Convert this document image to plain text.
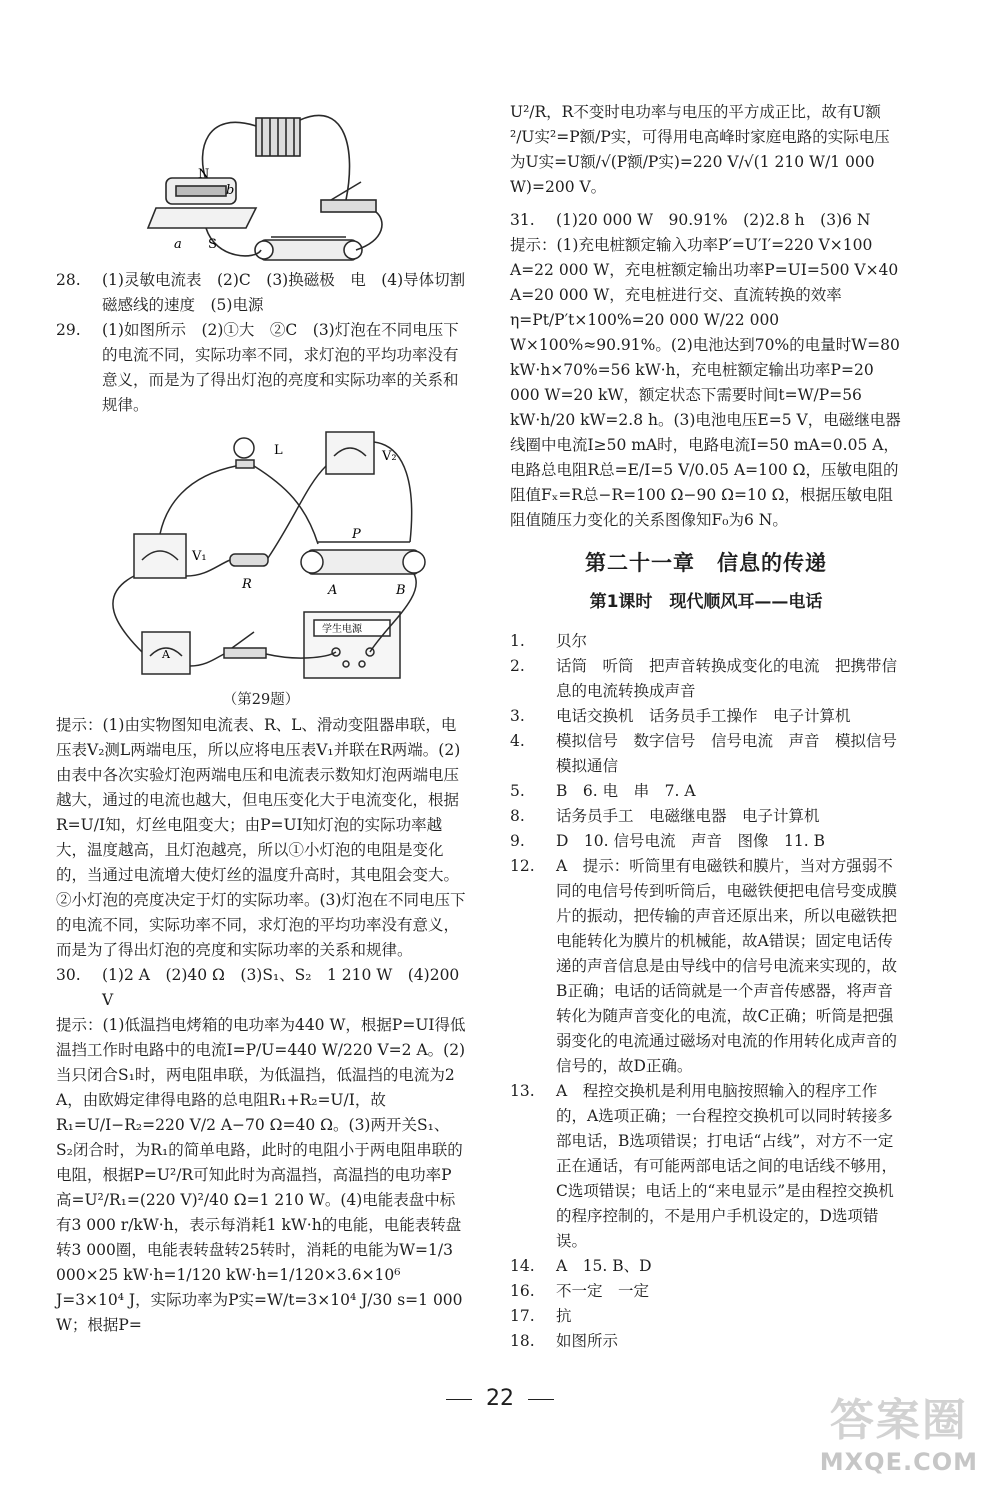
N
b
a S

28. (1)灵敏电流表　(2)C　(3)换磁极　电　(4)导体切割磁感线的速度　(5)电源

29. (1)如图所示　(2)①大　②C　(3)灯泡在不同电压下的电流不同，实际功率不同，求灯泡的平均功率没有意义，而是为了得出灯泡的亮度和实际功率的关系和规律。

L	V₂
V₁
R
P
A	B
A
学生电源
（第29题）

提示：(1)由实物图知电流表、R、L、滑动变阻器串联，电压表V₂测L两端电压，所以应将电压表V₁并联在R两端。(2)由表中各次实验灯泡两端电压和电流表示数知灯泡两端电压越大，通过的电流也越大，但电压变化大于电流变化，根据R=U/I知，灯丝电阻变大；由P=UI知灯泡的实际功率越大，温度越高，且灯泡越亮，所以①小灯泡的电阻是变化的，当通过电流增大使灯丝的温度升高时，其电阻会变大。②小灯泡的亮度决定于灯的实际功率。(3)灯泡在不同电压下的电流不同，实际功率不同，求灯泡的平均功率没有意义，而是为了得出灯泡的亮度和实际功率的关系和规律。

30. (1)2 A　(2)40 Ω　(3)S₁、S₂　1 210 W　(4)200 V

提示：(1)低温挡电烤箱的电功率为440 W，根据P=UI得低温挡工作时电路中的电流I=P/U=440 W/220 V=2 A。(2)当只闭合S₁时，两电阻串联，为低温挡，低温挡的电流为2 A，由欧姆定律得电路的总电阻R₁+R₂=U/I，故R₁=U/I−R₂=220 V/2 A−70 Ω=40 Ω。(3)两开关S₁、S₂闭合时，为R₁的简单电路，此时的电阻小于两电阻串联的电阻，根据P=U²/R可知此时为高温挡，高温挡的电功率P高=U²/R₁=(220 V)²/40 Ω=1 210 W。(4)电能表盘中标有3 000 r/kW·h，表示每消耗1 kW·h的电能，电能表转盘转3 000圈，电能表转盘转25转时，消耗的电能为W=1/3 000×25 kW·h=1/120 kW·h=1/120×3.6×10⁶ J=3×10⁴ J，实际功率为P实=W/t=3×10⁴ J/30 s=1 000 W；根据P=

U²/R，R不变时电功率与电压的平方成正比，故有U额²/U实²=P额/P实，可得用电高峰时家庭电路的实际电压为U实=U额/√(P额/P实)=220 V/√(1 210 W/1 000 W)=200 V。

31. (1)20 000 W　90.91%　(2)2.8 h　(3)6 N

提示：(1)充电桩额定输入功率P′=U′I′=220 V×100 A=22 000 W，充电桩额定输出功率P=UI=500 V×40 A=20 000 W，充电桩进行交、直流转换的效率η=Pt/P′t×100%=20 000 W/22 000 W×100%≈90.91%。(2)电池达到70%的电量时W=80 kW·h×70%=56 kW·h，充电桩额定输出功率P=20 000 W=20 kW，额定状态下需要时间t=W/P=56 kW·h/20 kW=2.8 h。(3)电池电压E=5 V，电磁继电器线圈中电流I≥50 mA时，电路电流I=50 mA=0.05 A，电路总电阻R总=E/I=5 V/0.05 A=100 Ω，压敏电阻的阻值Fₓ=R总−R=100 Ω−90 Ω=10 Ω，根据压敏电阻阻值随压力变化的关系图像知F₀为6 N。

第二十一章　信息的传递
第1课时　现代顺风耳——电话

1. 贝尔

2. 话筒　听筒　把声音转换成变化的电流　把携带信息的电流转换成声音

3. 电话交换机　话务员手工操作　电子计算机

4. 模拟信号　数字信号　信号电流　声音　模拟信号　模拟通信

5. B　6. 电　串　7. A

8. 话务员手工　电磁继电器　电子计算机

9. D　10. 信号电流　声音　图像　11. B

12. A　提示：听筒里有电磁铁和膜片，当对方强弱不同的电信号传到听筒后，电磁铁便把电信号变成膜片的振动，把传输的声音还原出来，所以电磁铁把电能转化为膜片的机械能，故A错误；固定电话传递的声音信息是由导线中的信号电流来实现的，故B正确；电话的话筒就是一个声音传感器，将声音转化为随声音变化的电流，故C正确；听筒是把强弱变化的电流通过磁场对电流的作用转化成声音的信号的，故D正确。

13. A　程控交换机是利用电脑按照输入的程序工作的，A选项正确；一台程控交换机可以同时转接多部电话，B选项错误；打电话“占线”，对方不一定正在通话，有可能两部电话之间的电话线不够用，C选项错误；电话上的“来电显示”是由程控交换机的程序控制的，不是用户手机设定的，D选项错误。

14. A　15. B、D

16. 不一定　一定

17. 抗

18. 如图所示

22	答案圈
MXQE.COM
